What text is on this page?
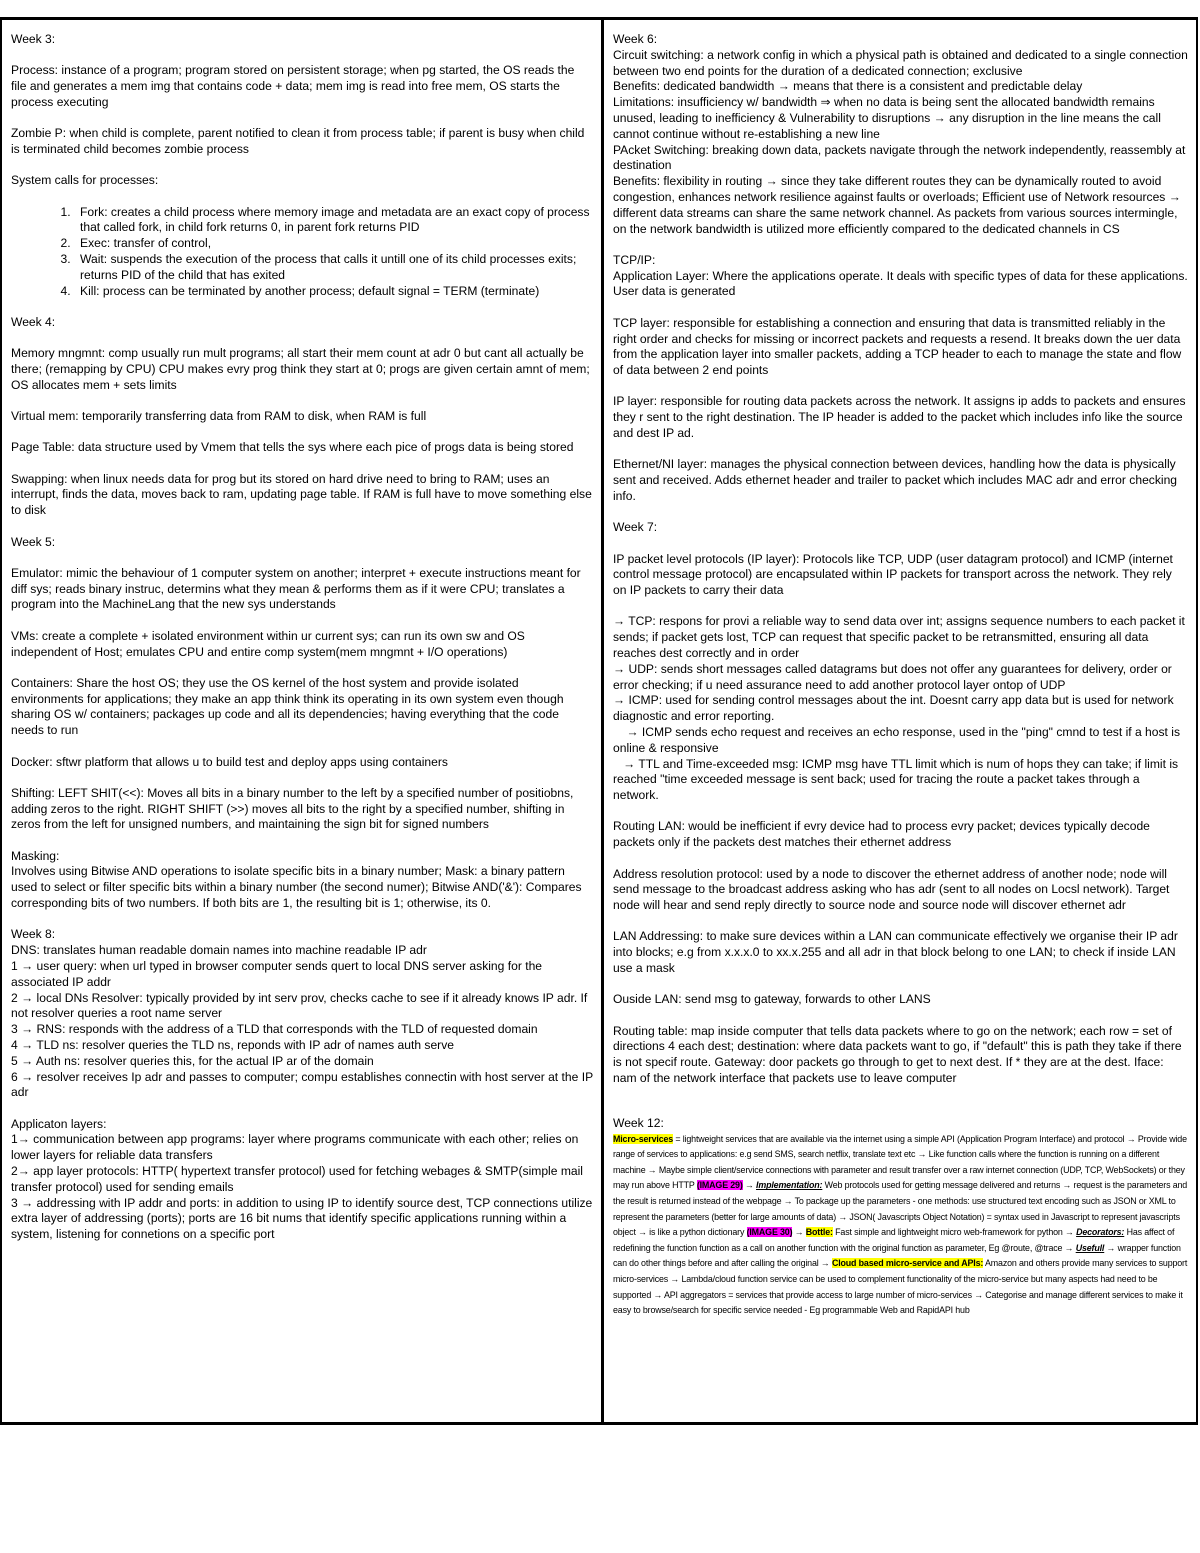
Week 3:

Process: instance of a program; program stored on persistent storage; when pg started, the OS reads the file and generates a mem img that contains code + data; mem img is read into free mem, OS starts the process executing

Zombie P: when child is complete, parent notified to clean it from process table; if parent is busy when child is terminated child becomes zombie process

System calls for processes:

1. Fork: creates a child process where memory image and metadata are an exact copy of process that called fork, in child fork returns 0, in parent fork returns PID
2. Exec: transfer of control,
3. Wait: suspends the execution of the process that calls it untill one of its child processes exits; returns PID of the child that has exited
4. Kill: process can be terminated by another process; default signal = TERM (terminate)

Week 4:

Memory mngmnt: comp usually run mult programs; all start their mem count at adr 0 but cant all actually be there; (remapping by CPU) CPU makes evry prog think they start at 0; progs are given certain amnt of mem; OS allocates mem + sets limits

Virtual mem: temporarily transferring data from RAM to disk, when RAM is full

Page Table: data structure used by Vmem that tells the sys where each pice of progs data is being stored

Swapping: when linux needs data for prog but its stored on hard drive need to bring to RAM; uses an interrupt, finds the data, moves back to ram, updating page table. If RAM is full have to move something else to disk

Week 5:

Emulator: mimic the behaviour of 1 computer system on another; interpret + execute instructions meant for diff sys; reads binary instruc, determins what they mean & performs them as if it were CPU; translates a program into the MachineLang that the new sys understands

VMs: create a complete + isolated environment within ur current sys; can run its own sw and OS independent of Host; emulates CPU and entire comp system(mem mngmnt + I/O operations)

Containers: Share the host OS; they use the OS kernel of the host system and provide isolated environments for applications; they make an app think think its operating in its own system even though sharing OS w/ containers; packages up code and all its dependencies; having everything that the code needs to run

Docker: sftwr platform that allows u to build test and deploy apps using containers

Shifting: LEFT SHIT(<<): Moves all bits in a binary number to the left by a specified number of positiobns, adding zeros to the right. RIGHT SHIFT (>>) moves all bits to the right by a specified number, shifting in zeros from the left for unsigned numbers, and maintaining the sign bit for signed numbers

Masking:

Involves using Bitwise AND operations to isolate specific bits in a binary number; Mask: a binary pattern used to select or filter specific bits within a binary number (the second numer); Bitwise AND('&'): Compares corresponding bits of two numbers. If both bits are 1, the resulting bit is 1; otherwise, its 0.

Week 8:

DNS: translates human readable domain names into machine readable IP adr

1 → user query: when url typed in browser computer sends quert to local DNS server asking for the associated IP addr

2 → local DNs Resolver: typically provided by int serv prov, checks cache to see if it already knows IP adr. If not resolver queries a root name server

3 → RNS: responds with the address of a TLD that corresponds with the TLD of requested domain

4 → TLD ns: resolver queries the TLD ns, reponds with IP adr of names auth serve

5 → Auth ns: resolver queries this, for the actual IP ar of the domain

6 → resolver receives Ip adr and passes to computer; compu establishes connectin with host server at the IP adr

Applicaton layers:

1→ communication between app programs: layer where programs communicate with each other; relies on lower layers for reliable data transfers

2→ app layer protocols: HTTP( hypertext transfer protocol) used for fetching webages & SMTP(simple mail transfer protocol) used for sending emails

3 → addressing with IP addr and ports: in addition to using IP to identify source dest, TCP connections utilize extra layer of addressing (ports); ports are 16 bit nums that identify specific applications running within a system, listening for connetions on a specific port

Week 6:

Circuit switching: a network config in which a physical path is obtained and dedicated to a single connection between two end points for the duration of a dedicated connection; exclusive

Benefits: dedicated bandwidth → means that there is a consistent and predictable delay

Limitations: insufficiency w/ bandwidth ⇒ when no data is being sent the allocated bandwidth remains unused, leading to inefficiency & Vulnerability to disruptions → any disruption in the line means the call cannot continue without re-establishing a new line

PAcket Switching: breaking down data, packets navigate through the network independently, reassembly at destination

Benefits: flexibility in routing → since they take different routes they can be dynamically routed to avoid congestion, enhances network resilience against faults or overloads; Efficient use of Network resources → different data streams can share the same network channel. As packets from various sources intermingle, on the network bandwidth is utilized more efficiently compared to the dedicated channels in CS

TCP/IP:

Application Layer: Where the applications operate. It deals with specific types of data for these applications. User data is generated

TCP layer: responsible for establishing a connection and ensuring that data is transmitted reliably in the right order and checks for missing or incorrect packets and requests a resend. It breaks down the uer data from the application layer into smaller packets, adding a TCP header to each to manage the state and flow of data between 2 end points

IP layer: responsible for routing data packets across the network. It assigns ip adds to packets and ensures they r sent to the right destination. The IP header is added to the packet which includes info like the source and dest IP ad.

Ethernet/NI layer: manages the physical connection between devices, handling how the data is physically sent and received. Adds ethernet header and trailer to packet which includes MAC adr and error checking info.

Week 7:

IP packet level protocols (IP layer): Protocols like TCP, UDP (user datagram protocol) and ICMP (internet control message protocol) are encapsulated within IP packets for transport across the network. They rely on IP packets to carry their data

→ TCP: respons for provi a reliable way to send data over int; assigns sequence numbers to each packet it sends; if packet gets lost, TCP can request that specific packet to be retransmitted, ensuring all data reaches dest correctly and in order

→ UDP: sends short messages called datagrams but does not offer any guarantees for delivery, order or error checking; if u need assurance need to add another protocol layer ontop of UDP

→ ICMP: used for sending control messages about the int. Doesnt carry app data but is used for network diagnostic and error reporting.

→ ICMP sends echo request and receives an echo response, used in the "ping" cmnd to test if a host is online & responsive

→ TTL and Time-exceeded msg: ICMP msg have TTL limit which is num of hops they can take; if limit is reached "time exceeded message is sent back; used for tracing the route a packet takes through a network.

Routing LAN: would be inefficient if evry device had to process evry packet; devices typically decode packets only if the packets dest matches their ethernet address

Address resolution protocol: used by a node to discover the ethernet address of another node; node will send message to the broadcast address asking who has adr (sent to all nodes on Locsl network). Target node will hear and send reply directly to source node and source node will discover ethernet adr

LAN Addressing: to make sure devices within a LAN can communicate effectively we organise their IP adr into blocks; e.g from x.x.x.0 to xx.x.255 and all adr in that block belong to one LAN; to check if inside LAN use a mask

Ouside LAN: send msg to gateway, forwards to other LANS

Routing table: map inside computer that tells data packets where to go on the network; each row = set of directions 4 each dest; destination: where data packets want to go, if "default" this is path they take if there is not specif route. Gateway: door packets go through to get to next dest. If * they are at the dest. Iface: nam of the network interface that packets use to leave computer

Week 12:

Micro-services = lightweight services that are available via the internet using a simple API (Application Program Interface) and protocol → Provide wide range of services to applications: e.g send SMS, search netflix, translate text etc → Like function calls where the function is running on a different machine → Maybe simple client/service connections with parameter and result transfer over a raw internet connection (UDP, TCP, WebSockets) or they may run above HTTP (IMAGE 29) → Implementation: Web protocols used for getting message delivered and returns → request is the parameters and the result is returned instead of the webpage → To package up the parameters - one methods: use structured text encoding such as JSON or XML to represent the parameters (better for large amounts of data) → JSON( Javascripts Object Notation) = syntax used in Javascript to represent javascripts object → is like a python dictionary (IMAGE 30) → Bottle: Fast simple and lightweight micro web-framework for python → Decorators: Has affect of redefining the function function as a call on another function with the original function as parameter, Eg @route, @trace → Usefull → wrapper function can do other things before and after calling the original → Cloud based micro-service and APIs: Amazon and others provide many services to support micro-services → Lambda/cloud function service can be used to complement functionality of the micro-service but many aspects had need to be supported → API aggregators = services that provide access to large number of micro-services → Categorise and manage different services to make it easy to browse/search for specific service needed - Eg programmable Web and RapidAPI hub
